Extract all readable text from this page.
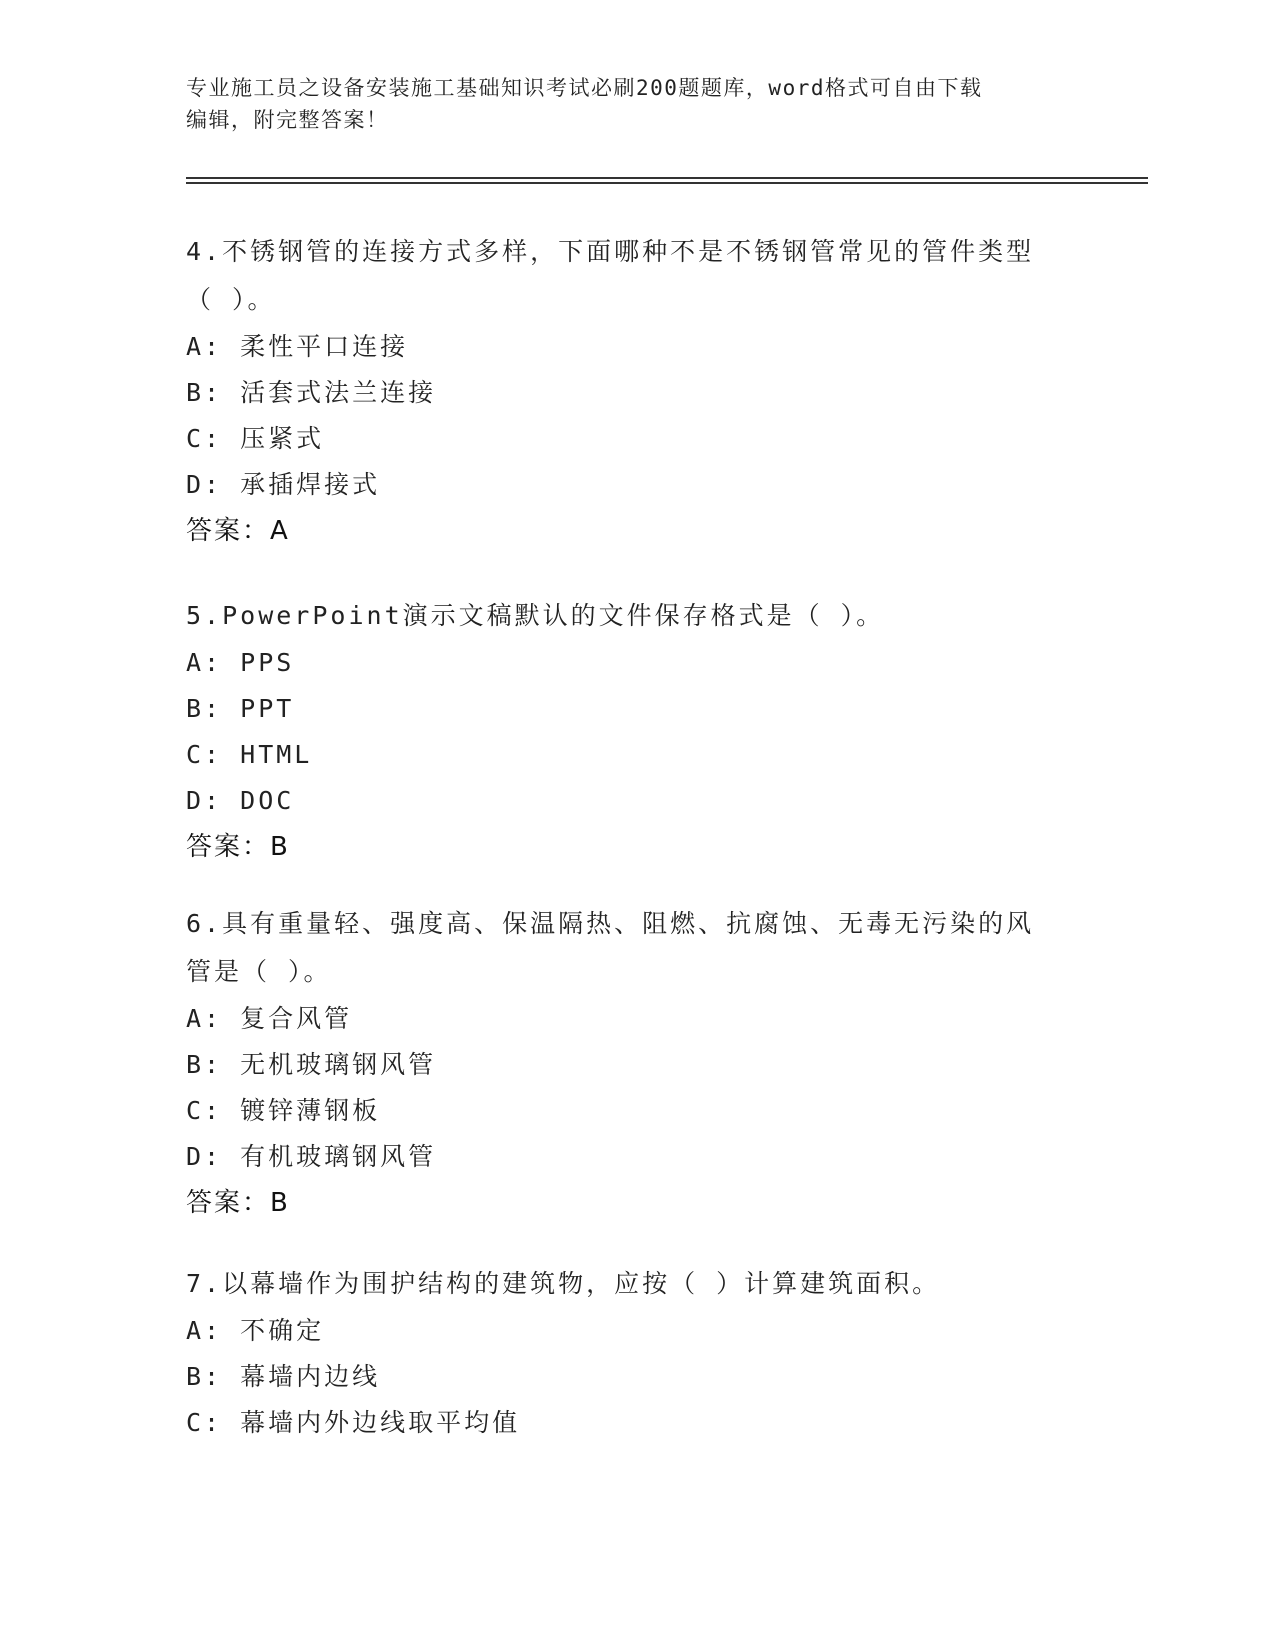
专业施工员之设备安装施工基础知识考试必刷200题题库，word格式可自由下载
编辑，附完整答案！

4.不锈钢管的连接方式多样，下面哪种不是不锈钢管常见的管件类型

（ ）。

A: 柔性平口连接

B: 活套式法兰连接

C: 压紧式

D: 承插焊接式

答案：A

5.PowerPoint演示文稿默认的文件保存格式是（ ）。

A: PPS

B: PPT

C: HTML

D: DOC

答案：B

6.具有重量轻、强度高、保温隔热、阻燃、抗腐蚀、无毒无污染的风

管是（ ）。

A: 复合风管

B: 无机玻璃钢风管

C: 镀锌薄钢板

D: 有机玻璃钢风管

答案：B

7.以幕墙作为围护结构的建筑物，应按（ ）计算建筑面积。

A: 不确定

B: 幕墙内边线

C: 幕墙内外边线取平均值
